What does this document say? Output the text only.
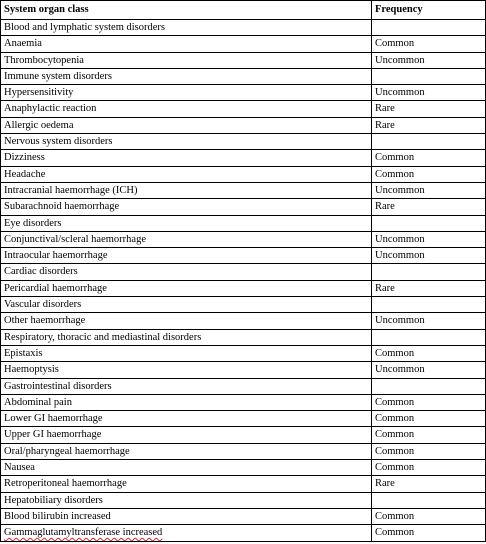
System organ class	Frequency
Blood and lymphatic system disorders	
Anaemia	Common
Thrombocytopenia	Uncommon
Immune system disorders	
Hypersensitivity	Uncommon
Anaphylactic reaction	Rare
Allergic oedema	Rare
Nervous system disorders	
Dizziness	Common
Headache	Common
Intracranial haemorrhage (ICH)	Uncommon
Subarachnoid haemorrhage	Rare
Eye disorders	
Conjunctival/scleral haemorrhage	Uncommon
Intraocular haemorrhage	Uncommon
Cardiac disorders	
Pericardial haemorrhage	Rare
Vascular disorders	
Other haemorrhage	Uncommon
Respiratory, thoracic and mediastinal disorders	
Epistaxis	Common
Haemoptysis	Uncommon
Gastrointestinal disorders	
Abdominal pain	Common
Lower GI haemorrhage	Common
Upper GI haemorrhage	Common
Oral/pharyngeal haemorrhage	Common
Nausea	Common
Retroperitoneal haemorrhage	Rare
Hepatobiliary disorders	
Blood bilirubin increased	Common
Gammaglutamyltransferase increased	Common
